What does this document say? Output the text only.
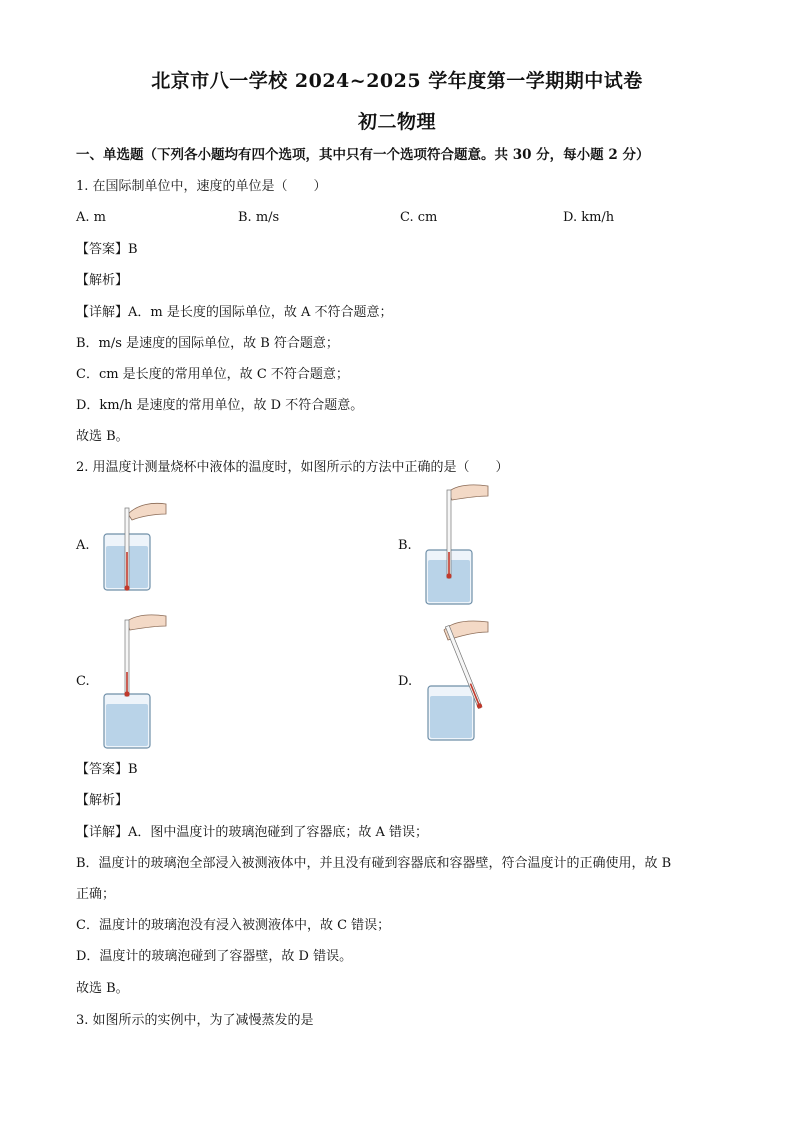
北京市八一学校 2024~2025 学年度第一学期期中试卷
初二物理
一、单选题（下列各小题均有四个选项，其中只有一个选项符合题意。共 30 分，每小题 2 分）
1. 在国际制单位中，速度的单位是（　　）
A. m	B. m/s	C. cm	D. km/h
【答案】B
【解析】
【详解】A．m 是长度的国际单位，故 A 不符合题意；
B．m/s 是速度的国际单位，故 B 符合题意；
C．cm 是长度的常用单位，故 C 不符合题意；
D．km/h 是速度的常用单位，故 D 不符合题意。
故选 B。
2. 用温度计测量烧杯中液体的温度时，如图所示的方法中正确的是（　　）
A.	B.
C.	D.
【答案】B
【解析】
【详解】A．图中温度计的玻璃泡碰到了容器底；故 A 错误；
B．温度计的玻璃泡全部浸入被测液体中，并且没有碰到容器底和容器壁，符合温度计的正确使用，故 B
正确；
C．温度计的玻璃泡没有浸入被测液体中，故 C 错误；
D．温度计的玻璃泡碰到了容器壁，故 D 错误。
故选 B。
3. 如图所示的实例中，为了减慢蒸发的是
